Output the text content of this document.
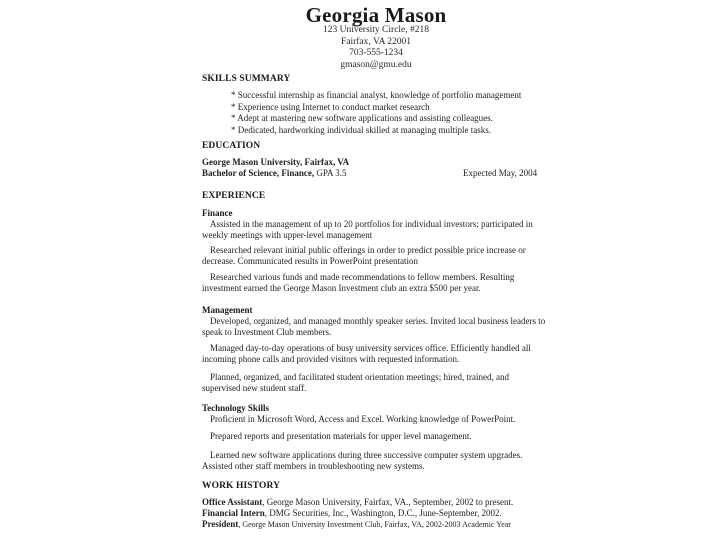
Georgia Mason
123 University Circle, #218
Fairfax, VA 22001
703-555-1234
gmason@gmu.edu
SKILLS SUMMARY
* Successful internship as financial analyst, knowledge of portfolio management
* Experience using Internet to conduct market research
* Adept at mastering new software applications and assisting colleagues.
* Dedicated, hardworking individual skilled at managing multiple tasks.
EDUCATION
George Mason University, Fairfax, VA
Bachelor of Science, Finance, GPA 3.5	Expected May, 2004
EXPERIENCE
Finance
Assisted in the management of up to 20 portfolios for individual investors; participated in weekly meetings with upper-level management
Researched relevant initial public offerings in order to predict possible price increase or decrease. Communicated results in PowerPoint presentation
Researched various funds and made recommendations to fellow members. Resulting investment earned the George Mason Investment club an extra $500 per year.
Management
Developed, organized, and managed monthly speaker series. Invited local business leaders to speak to Investment Club members.
Managed day-to-day operations of busy university services office. Efficiently handled all incoming phone calls and provided visitors with requested information.
Planned, organized, and facilitated student orientation meetings; hired, trained, and supervised new student staff.
Technology Skills
Proficient in Microsoft Word, Access and Excel. Working knowledge of PowerPoint.
Prepared reports and presentation materials for upper level management.
Learned new software applications during three successive computer system upgrades. Assisted other staff members in troubleshooting new systems.
WORK HISTORY
Office Assistant, George Mason University, Fairfax, VA., September, 2002 to present.
Financial Intern, DMG Securities, Inc., Washington, D.C., June-September, 2002.
President, George Mason University Investment Club, Fairfax, VA, 2002-2003 Academic Year
